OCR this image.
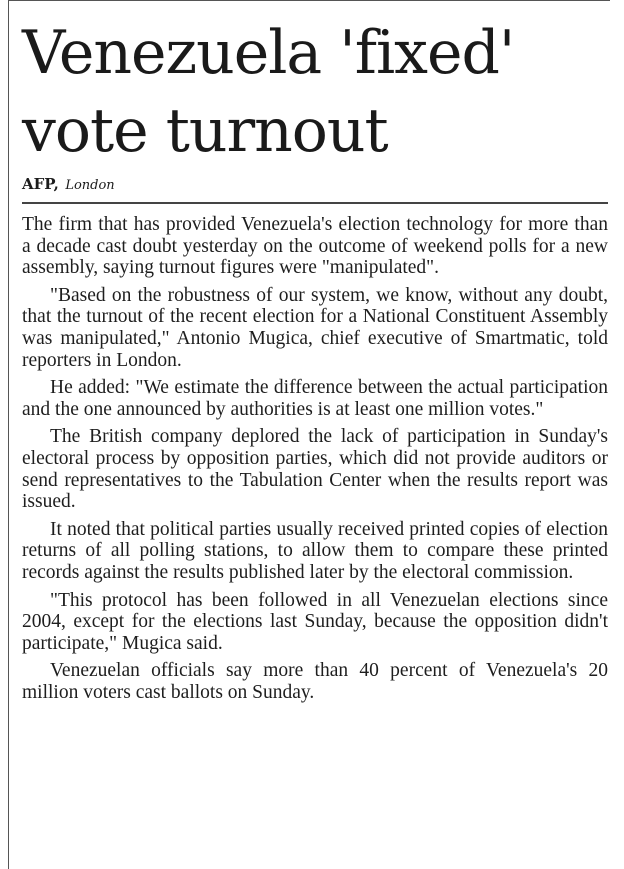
Venezuela 'fixed' vote turnout
AFP, London

The firm that has provided Venezuela's election technology for more than a decade cast doubt yesterday on the outcome of weekend polls for a new assembly, saying turnout figures were "manipulated".

"Based on the robustness of our system, we know, without any doubt, that the turnout of the recent election for a National Constituent Assembly was manipulated," Antonio Mugica, chief executive of Smartmatic, told reporters in London.

He added: "We estimate the difference between the actual participation and the one announced by authorities is at least one million votes."

The British company deplored the lack of participation in Sunday's electoral process by opposition parties, which did not provide auditors or send representatives to the Tabulation Center when the results report was issued.

It noted that political parties usually received printed copies of election returns of all polling stations, to allow them to compare these printed records against the results published later by the electoral commission.

"This protocol has been followed in all Venezuelan elections since 2004, except for the elections last Sunday, because the opposition didn't participate," Mugica said.

Venezuelan officials say more than 40 percent of Venezuela's 20 million voters cast ballots on Sunday.
